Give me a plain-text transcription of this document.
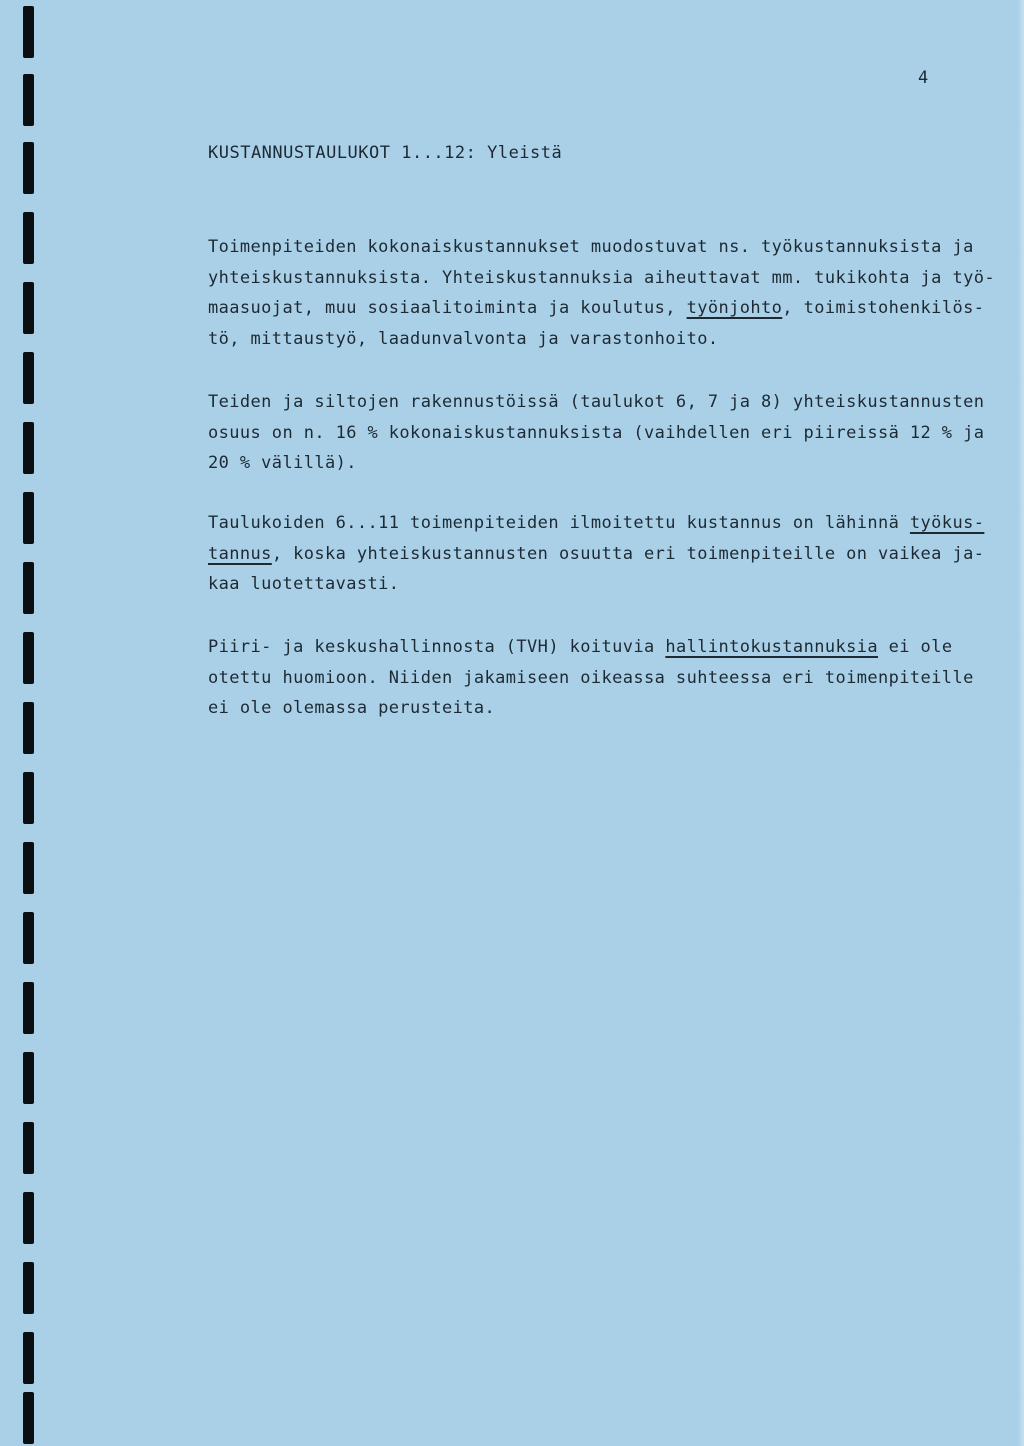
4
KUSTANNUSTAULUKOT 1...12: Yleistä
Toimenpiteiden kokonaiskustannukset muodostuvat ns. työkustannuksista ja
yhteiskustannuksista. Yhteiskustannuksia aiheuttavat mm. tukikohta ja työ-
maasuojat, muu sosiaalitoiminta ja koulutus, työnjohto, toimistohenkilös-
tö, mittaustyö, laadunvalvonta ja varastonhoito.
Teiden ja siltojen rakennustöissä (taulukot 6, 7 ja 8) yhteiskustannusten
osuus on n. 16 % kokonaiskustannuksista (vaihdellen eri piireissä 12 % ja
20 % välillä).
Taulukoiden 6...11 toimenpiteiden ilmoitettu kustannus on lähinnä työkus-
tannus, koska yhteiskustannusten osuutta eri toimenpiteille on vaikea ja-
kaa luotettavasti.
Piiri- ja keskushallinnosta (TVH) koituvia hallintokustannuksia ei ole
otettu huomioon. Niiden jakamiseen oikeassa suhteessa eri toimenpiteille
ei ole olemassa perusteita.
